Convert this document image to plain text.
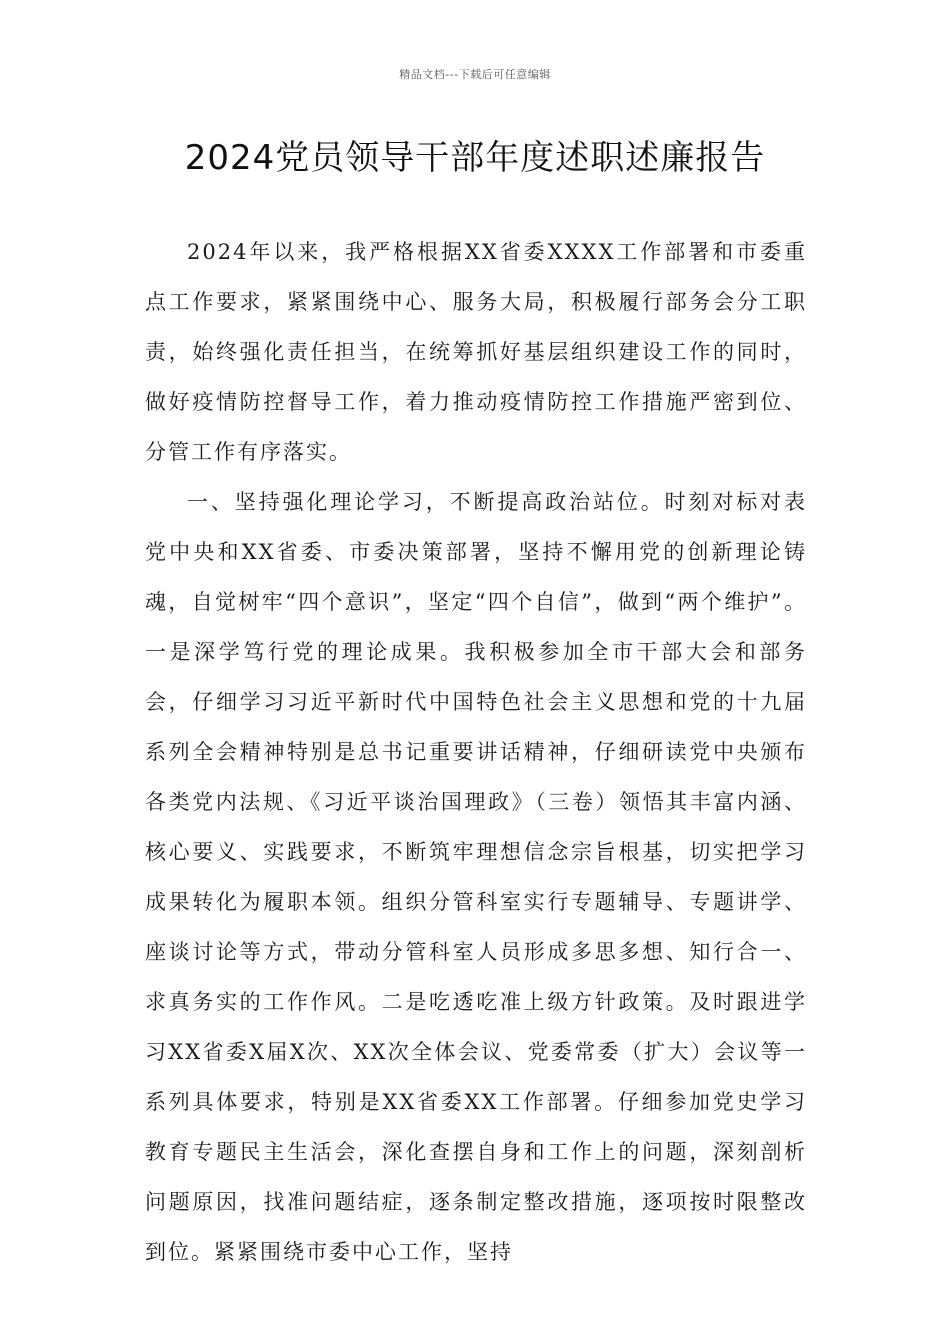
精品文档---下载后可任意编辑
2024党员领导干部年度述职述廉报告

2024年以来，我严格根据XX省委XXXX工作部署和市委重点工作要求，紧紧围绕中心、服务大局，积极履行部务会分工职责，始终强化责任担当，在统筹抓好基层组织建设工作的同时，做好疫情防控督导工作，着力推动疫情防控工作措施严密到位、分管工作有序落实。

一、坚持强化理论学习，不断提高政治站位。时刻对标对表党中央和XX省委、市委决策部署，坚持不懈用党的创新理论铸魂，自觉树牢“四个意识”，坚定“四个自信”，做到“两个维护”。一是深学笃行党的理论成果。我积极参加全市干部大会和部务会，仔细学习习近平新时代中国特色社会主义思想和党的十九届系列全会精神特别是总书记重要讲话精神，仔细研读党中央颁布各类党内法规、《习近平谈治国理政》（三卷）领悟其丰富内涵、核心要义、实践要求，不断筑牢理想信念宗旨根基，切实把学习成果转化为履职本领。组织分管科室实行专题辅导、专题讲学、座谈讨论等方式，带动分管科室人员形成多思多想、知行合一、求真务实的工作作风。二是吃透吃准上级方针政策。及时跟进学习XX省委X届X次、XX次全体会议、党委常委（扩大）会议等一系列具体要求，特别是XX省委XX工作部署。仔细参加党史学习教育专题民主生活会，深化查摆自身和工作上的问题，深刻剖析问题原因，找准问题结症，逐条制定整改措施，逐项按时限整改到位。紧紧围绕市委中心工作，坚持
